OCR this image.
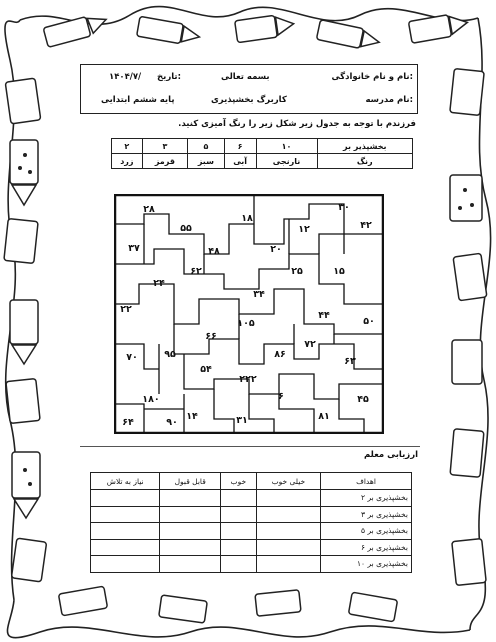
نام و نام خانوادگی:
بسمه تعالی
تاریخ:
۱۴۰۴/۷/
نام مدرسه:
کاربرگ بخشپذیری
پایه ششم ابتدایی
فرزندم با توجه به جدول زیر شکل زیر را رنگ آمیزی کنید.
بخشپذیر بر	۱۰	۶	۵	۳	۲
رنگ	نارنجی	آبی	سبز	قرمز	زرد
۲۸
۵۵
۱۸
۱۲
۳۰
۴۲
۳۷	۴۸	۲۰
۲۴
۶۲	۲۵	۱۵
۳۴
۲۲
۴۴
۵۰
۱۰۵
۶۶
۷۲
۷۰	۹۵	۸۶
۶۳
۵۴
۲۲۲
۱۸۰	۶	۴۵
۶۴	۹۰
۱۴	۳۱	۸۱
ارزیابی معلم
اهداف	خیلی خوب	خوب	قابل قبول	نیاز به تلاش
بخشپذیری بر ۲				
بخشپذیری بر ۳				
بخشپذیری بر ۵				
بخشپذیری بر ۶				
بخشپذیری بر ۱۰				
